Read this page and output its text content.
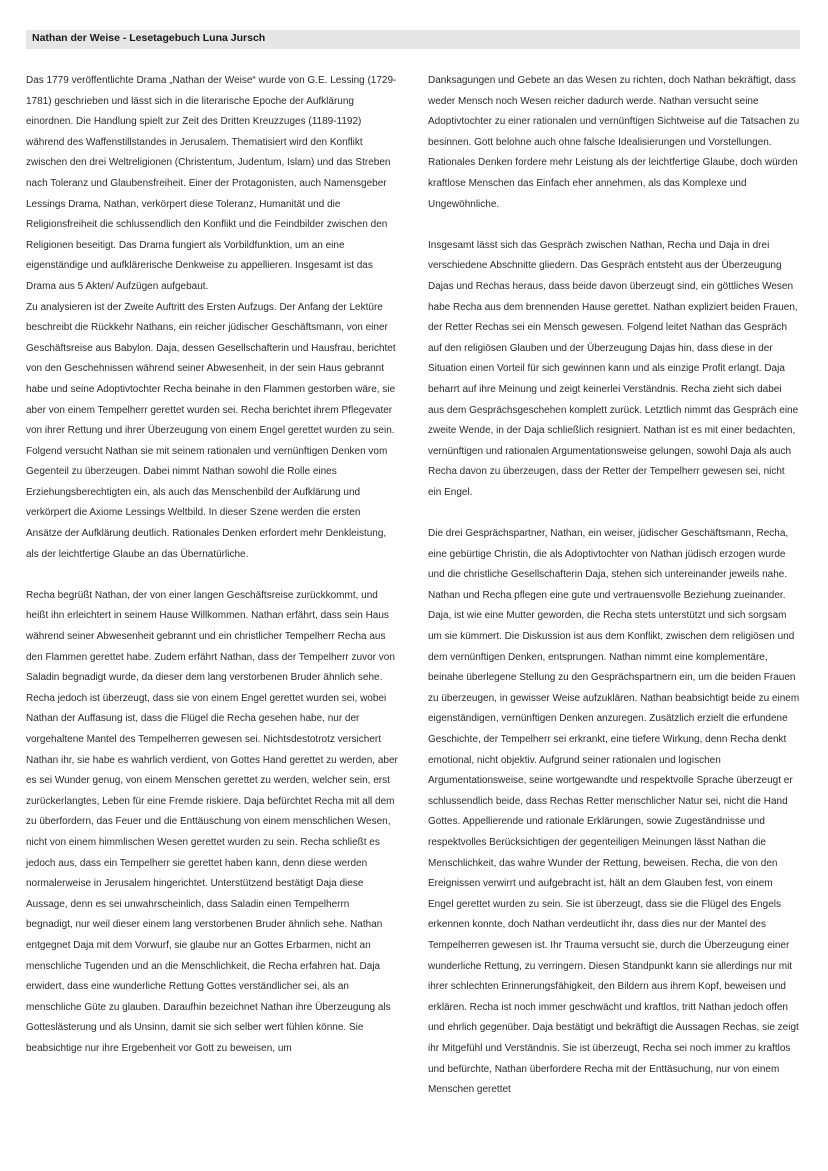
Nathan der Weise - Lesetagebuch Luna Jursch

Das 1779 veröffentlichte Drama „Nathan der Weise“ wurde von G.E. Lessing (1729-1781) geschrieben und lässt sich in die literarische Epoche der Aufklärung einordnen. Die Handlung spielt zur Zeit des Dritten Kreuzzuges (1189-1192) während des Waffenstillstandes in Jerusalem. Thematisiert wird den Konflikt zwischen den drei Weltreligionen (Christentum, Judentum, Islam) und das Streben nach Toleranz und Glaubensfreiheit. Einer der Protagonisten, auch Namensgeber Lessings Drama, Nathan, verkörpert diese Toleranz, Humanität und die Religionsfreiheit die schlussendlich den Konflikt und die Feindbilder zwischen den Religionen beseitigt. Das Drama fungiert als Vorbildfunktion, um an eine eigenständige und aufklärerische Denkweise zu appellieren. Insgesamt ist das Drama aus 5 Akten/ Aufzügen aufgebaut.

Zu analysieren ist der Zweite Auftritt des Ersten Aufzugs. Der Anfang der Lektüre beschreibt die Rückkehr Nathans, ein reicher jüdischer Geschäftsmann, von einer Geschäftsreise aus Babylon. Daja, dessen Gesellschafterin und Hausfrau, berichtet von den Geschehnissen während seiner Abwesenheit, in der sein Haus gebrannt habe und seine Adoptivtochter Recha beinahe in den Flammen gestorben wäre, sie aber von einem Tempelherr gerettet wurden sei. Recha berichtet ihrem Pflegevater von ihrer Rettung und ihrer Überzeugung von einem Engel gerettet wurden zu sein. Folgend versucht Nathan sie mit seinem rationalen und vernünftigen Denken vom Gegenteil zu überzeugen. Dabei nimmt Nathan sowohl die Rolle eines Erziehungsberechtigten ein, als auch das Menschenbild der Aufklärung und verkörpert die Axiome Lessings Weltbild. In dieser Szene werden die ersten Ansätze der Aufklärung deutlich. Rationales Denken erfordert mehr Denkleistung, als der leichtfertige Glaube an das Übernatürliche.

Recha begrüßt Nathan, der von einer langen Geschäftsreise zurückkommt, und heißt ihn erleichtert in seinem Hause Willkommen. Nathan erfährt, dass sein Haus während seiner Abwesenheit gebrannt und ein christlicher Tempelherr Recha aus den Flammen gerettet habe. Zudem erfährt Nathan, dass der Tempelherr zuvor von Saladin begnadigt wurde, da dieser dem lang verstorbenen Bruder ähnlich sehe. Recha jedoch ist überzeugt, dass sie von einem Engel gerettet wurden sei, wobei Nathan der Auffasung ist, dass die Flügel die Recha gesehen habe, nur der vorgehaltene Mantel des Tempelherren gewesen sei. Nichtsdestotrotz versichert Nathan ihr, sie habe es wahrlich verdient, von Gottes Hand gerettet zu werden, aber es sei Wunder genug, von einem Menschen gerettet zu werden, welcher sein, erst zurückerlangtes, Leben für eine Fremde riskiere. Daja befürchtet Recha mit all dem zu überfordern, das Feuer und die Enttäuschung von einem menschlichen Wesen, nicht von einem himmlischen Wesen gerettet wurden zu sein. Recha schließt es jedoch aus, dass ein Tempelherr sie gerettet haben kann, denn diese werden normalerweise in Jerusalem hingerichtet. Unterstützend bestätigt Daja diese Aussage, denn es sei unwahrscheinlich, dass Saladin einen Tempelherrn begnadigt, nur weil dieser einem lang verstorbenen Bruder ähnlich sehe. Nathan entgegnet Daja mit dem Vorwurf, sie glaube nur an Gottes Erbarmen, nicht an menschliche Tugenden und an die Menschlichkeit, die Recha erfahren hat. Daja erwidert, dass eine wunderliche Rettung Gottes verständlicher sei, als an menschliche Güte zu glauben. Daraufhin bezeichnet Nathan ihre Überzeugung als Gotteslästerung und als Unsinn, damit sie sich selber wert fühlen könne. Sie beabsichtige nur ihre Ergebenheit vor Gott zu beweisen, um

Danksagungen und Gebete an das Wesen zu richten, doch Nathan bekräftigt, dass weder Mensch noch Wesen reicher dadurch werde. Nathan versucht seine Adoptivtochter zu einer rationalen und vernünftigen Sichtweise auf die Tatsachen zu besinnen. Gott belohne auch ohne falsche Idealisierungen und Vorstellungen. Rationales Denken fordere mehr Leistung als der leichtfertige Glaube, doch würden kraftlose Menschen das Einfach eher annehmen, als das Komplexe und Ungewöhnliche.

Insgesamt lässt sich das Gespräch zwischen Nathan, Recha und Daja in drei verschiedene Abschnitte gliedern. Das Gespräch entsteht aus der Überzeugung Dajas und Rechas heraus, dass beide davon überzeugt sind, ein göttliches Wesen habe Recha aus dem brennenden Hause gerettet. Nathan expliziert beiden Frauen, der Retter Rechas sei ein Mensch gewesen. Folgend leitet Nathan das Gespräch auf den religiösen Glauben und der Überzeugung Dajas hin, dass diese in der Situation einen Vorteil für sich gewinnen kann und als einzige Profit erlangt. Daja beharrt auf ihre Meinung und zeigt keinerlei Verständnis. Recha zieht sich dabei aus dem Gesprächsgeschehen komplett zurück. Letztlich nimmt das Gespräch eine zweite Wende, in der Daja schließlich resigniert. Nathan ist es mit einer bedachten, vernünftigen und rationalen Argumentationsweise gelungen, sowohl Daja als auch Recha davon zu überzeugen, dass der Retter der Tempelherr gewesen sei, nicht ein Engel.

Die drei Gesprächspartner, Nathan, ein weiser, jüdischer Geschäftsmann, Recha, eine gebürtige Christin, die als Adoptivtochter von Nathan jüdisch erzogen wurde und die christliche Gesellschafterin Daja, stehen sich untereinander jeweils nahe. Nathan und Recha pflegen eine gute und vertrauensvolle Beziehung zueinander. Daja, ist wie eine Mutter geworden, die Recha stets unterstützt und sich sorgsam um sie kümmert. Die Diskussion ist aus dem Konflikt, zwischen dem religiösen und dem vernünftigen Denken, entsprungen. Nathan nimmt eine komplementäre, beinahe überlegene Stellung zu den Gesprächspartnern ein, um die beiden Frauen zu überzeugen, in gewisser Weise aufzuklären. Nathan beabsichtigt beide zu einem eigenständigen, vernünftigen Denken anzuregen. Zusätzlich erzielt die erfundene Geschichte, der Tempelherr sei erkrankt, eine tiefere Wirkung, denn Recha denkt emotional, nicht objektiv. Aufgrund seiner rationalen und logischen Argumentationsweise, seine wortgewandte und respektvolle Sprache überzeugt er schlussendlich beide, dass Rechas Retter menschlicher Natur sei, nicht die Hand Gottes. Appellierende und rationale Erklärungen, sowie Zugeständnisse und respektvolles Berücksichtigen der gegenteiligen Meinungen lässt Nathan die Menschlichkeit, das wahre Wunder der Rettung, beweisen. Recha, die von den Ereignissen verwirrt und aufgebracht ist, hält an dem Glauben fest, von einem Engel gerettet wurden zu sein. Sie ist überzeugt, dass sie die Flügel des Engels erkennen konnte, doch Nathan verdeutlicht ihr, dass dies nur der Mantel des Tempelherren gewesen ist. Ihr Trauma versucht sie, durch die Überzeugung einer wunderliche Rettung, zu verringern. Diesen Standpunkt kann sie allerdings nur mit ihrer schlechten Erinnerungsfähigkeit, den Bildern aus ihrem Kopf, beweisen und erklären. Recha ist noch immer geschwächt und kraftlos, tritt Nathan jedoch offen und ehrlich gegenüber. Daja bestätigt und bekräftigt die Aussagen Rechas, sie zeigt ihr Mitgefühl und Verständnis. Sie ist überzeugt, Recha sei noch immer zu kraftlos und befürchte, Nathan überfordere Recha mit der Enttäsuchung, nur von einem Menschen gerettet
